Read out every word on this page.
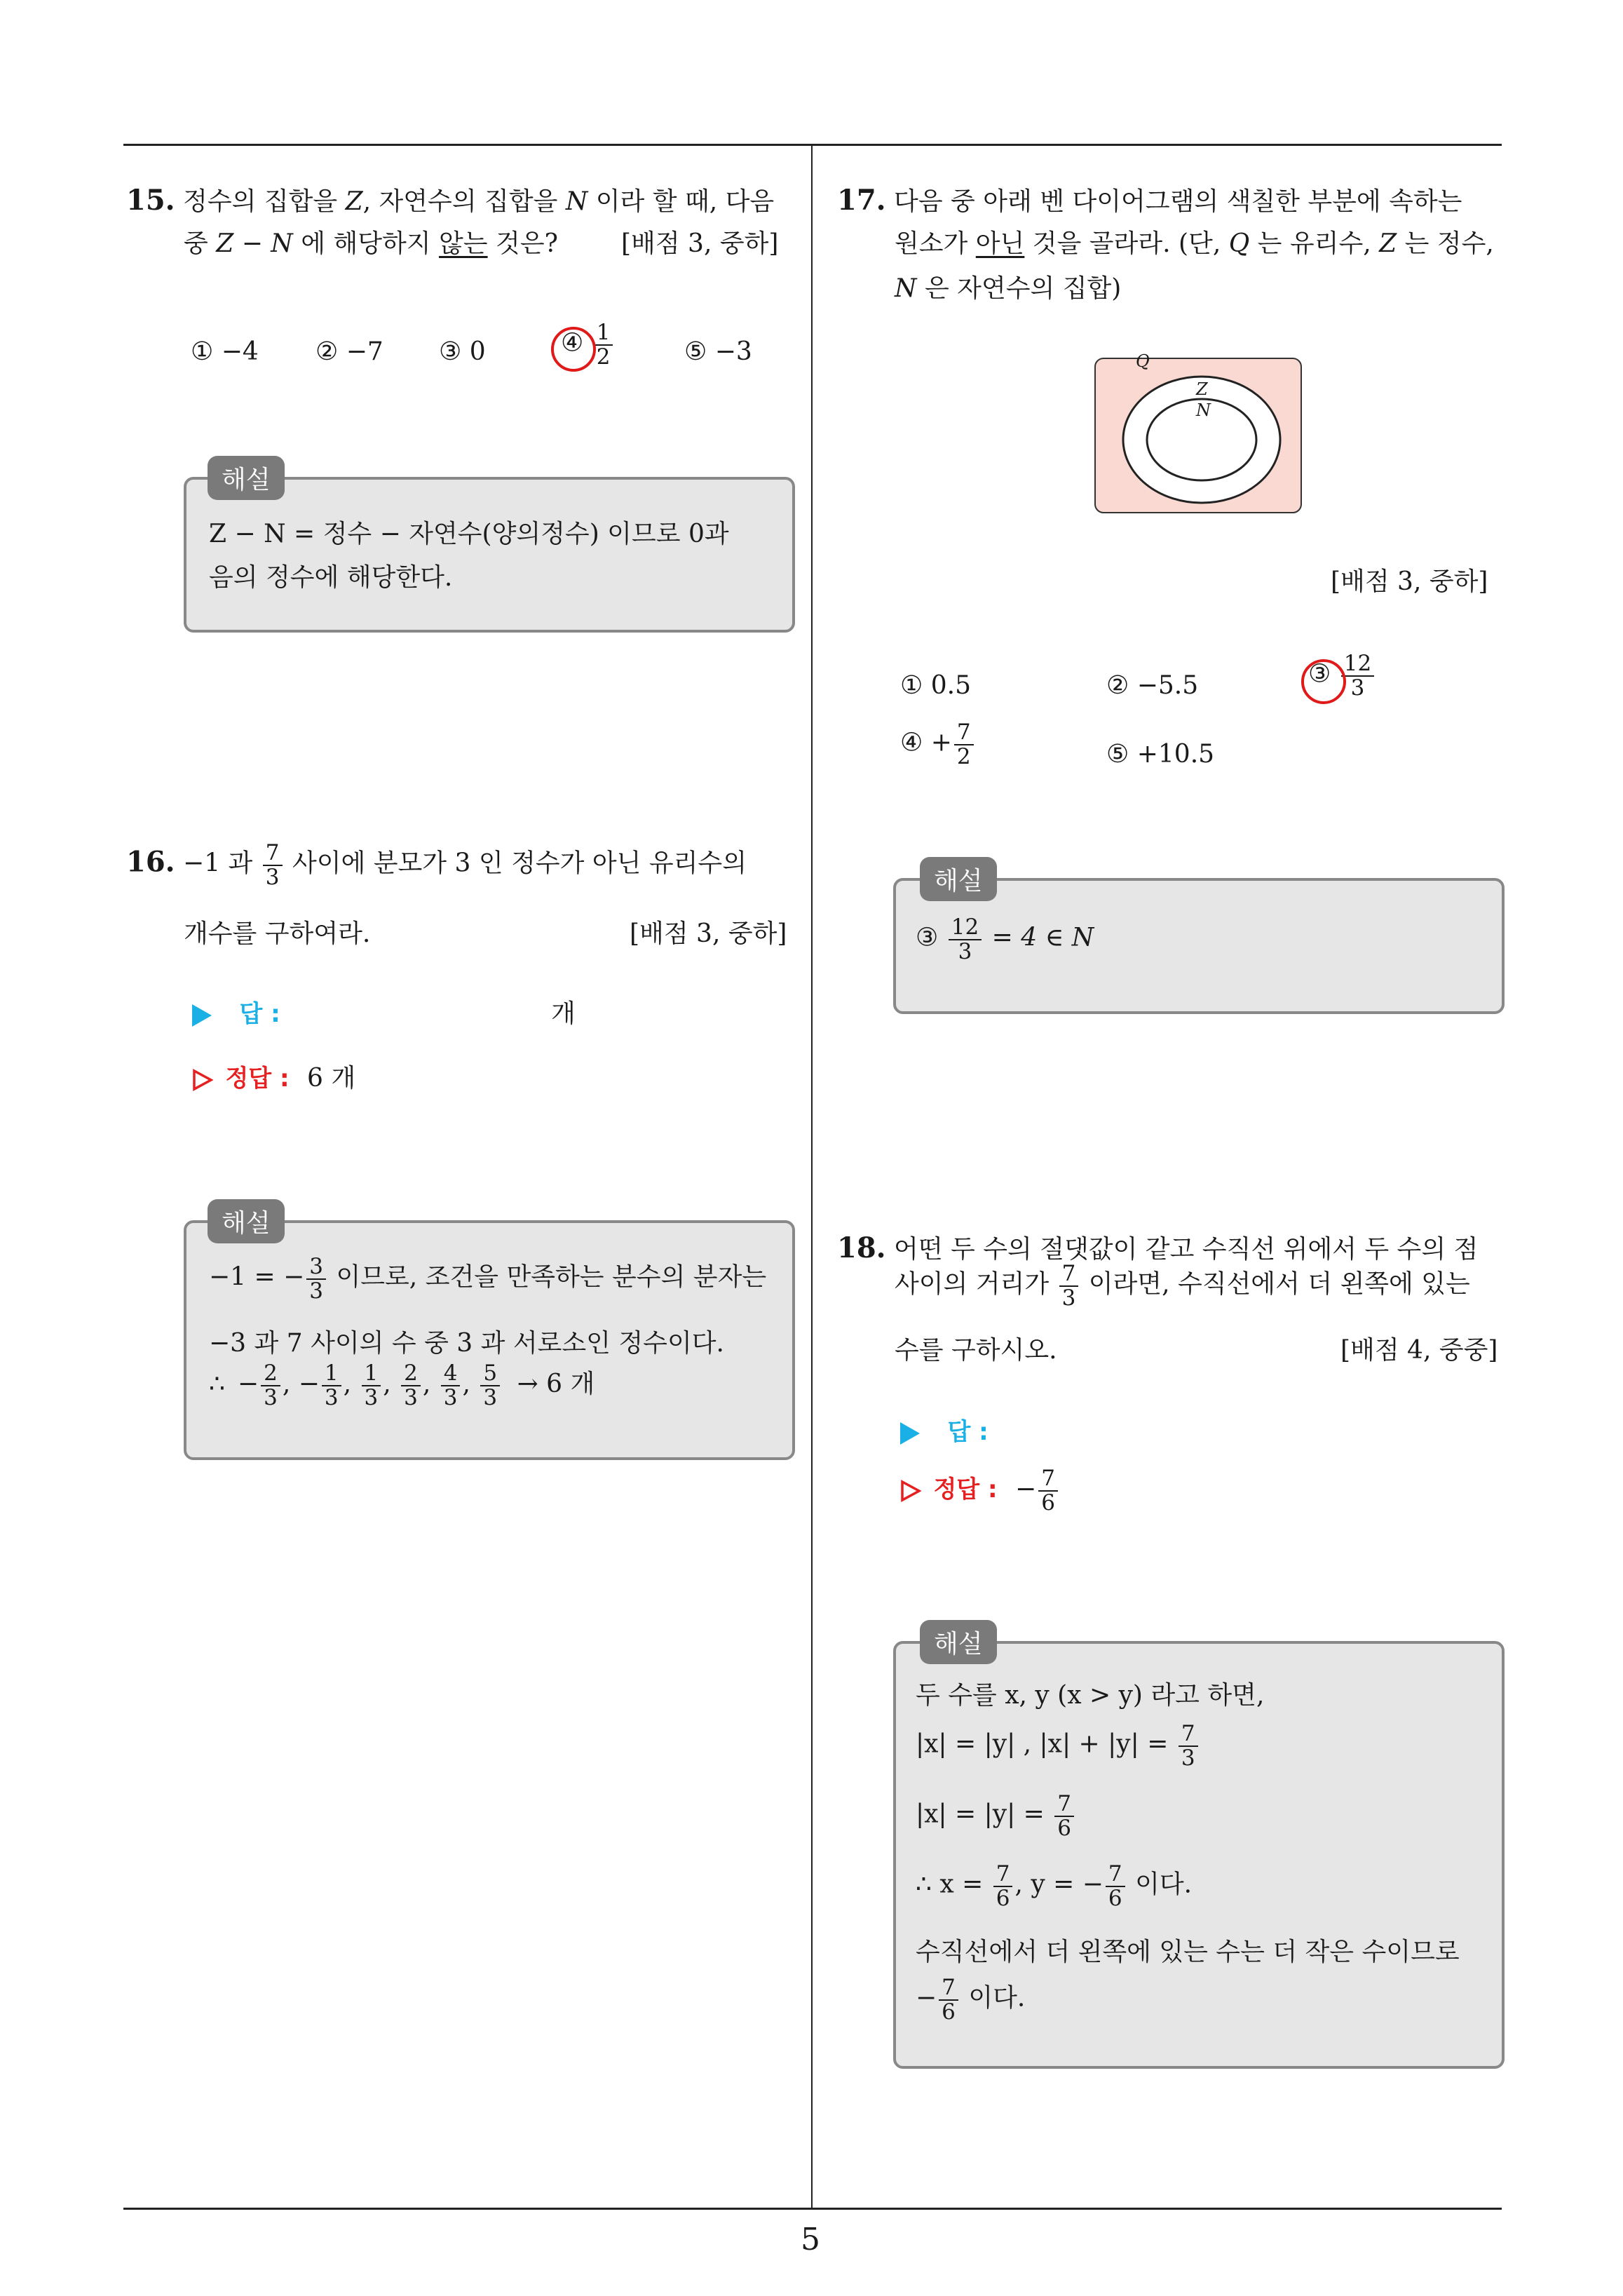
5
15. 정수의 집합을 Z, 자연수의 집합을 N 이라 할 때, 다음
중 Z − N 에 해당하지 않는 것은?	[배점 3, 중하]
① −4 ② −7 ③ 0	④ $\frac{1}{2}$	⑤ −3
해설
Z − N = 정수 − 자연수(양의정수) 이므로 0과
음의 정수에 해당한다.
16. −1 과 $\frac{7}{3}$ 사이에 분모가 3 인 정수가 아닌 유리수의
개수를 구하여라.	[배점 3, 중하]
답 :	개
정답 : 6 개
해설
−1 = − $\frac{3}{3}$ 이므로, 조건을 만족하는 분수의 분자는
−3 과 7 사이의 수 중 3 과 서로소인 정수이다.
∴ − $\frac{2}{3}$ , − $\frac{1}{3}$ , $\frac{1}{3}$ , $\frac{2}{3}$ , $\frac{4}{3}$ , $\frac{5}{3} \to 6$ 개
17. 다음 중 아래 벤 다이어그램의 색칠한 부분에 속하는
원소가 아닌 것을 골라라. (단, Q 는 유리수, Z 는 정수,
N 은 자연수의 집합)
Q
Z
N
[배점 3, 중하]
① 0.5	② −5.5	③ $\frac{12}{3}$
④ + $\frac{7}{2}$	⑤ +10.5
해설
③ $\frac{12}{3} = 4$ ∈ N
18. 어떤 두 수의 절댓값이 같고 수직선 위에서 두 수의 점
사이의 거리가 $\frac{7}{3}$ 이라면, 수직선에서 더 왼쪽에 있는
수를 구하시오.	[배점 4, 중중]
답 :
정답 : − $\frac{7}{6}$
해설
두 수를 x, y (x > y) 라고 하면,
|x| = |y| , $|x| + |y| = \frac{7}{3}$
$|x| = |y| = \frac{7}{6}$
∴ $x = \frac{7}{6}$ , y = − $\frac{7}{6}$ 이다.
수직선에서 더 왼쪽에 있는 수는 더 작은 수이므로
− $\frac{7}{6}$ 이다.
